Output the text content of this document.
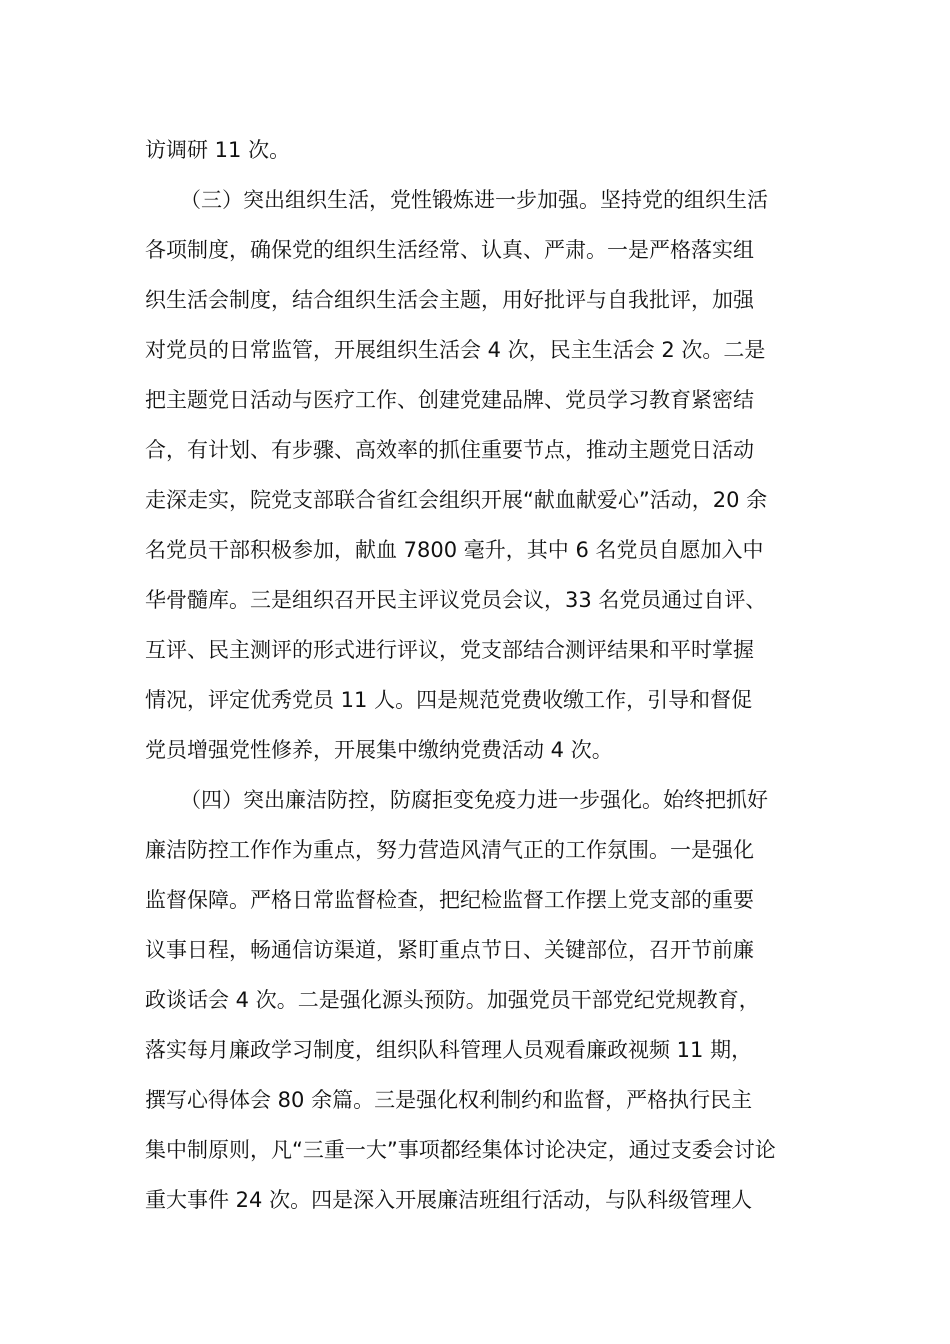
访调研 11 次。
（三）突出组织生活，党性锻炼进一步加强。坚持党的组织生活
各项制度，确保党的组织生活经常、认真、严肃。一是严格落实组
织生活会制度，结合组织生活会主题，用好批评与自我批评，加强
对党员的日常监管，开展组织生活会 4 次，民主生活会 2 次。二是
把主题党日活动与医疗工作、创建党建品牌、党员学习教育紧密结
合，有计划、有步骤、高效率的抓住重要节点，推动主题党日活动
走深走实，院党支部联合省红会组织开展“献血献爱心”活动，20 余
名党员干部积极参加，献血 7800 毫升，其中 6 名党员自愿加入中
华骨髓库。三是组织召开民主评议党员会议，33 名党员通过自评、
互评、民主测评的形式进行评议，党支部结合测评结果和平时掌握
情况，评定优秀党员 11 人。四是规范党费收缴工作，引导和督促
党员增强党性修养，开展集中缴纳党费活动 4 次。
（四）突出廉洁防控，防腐拒变免疫力进一步强化。始终把抓好
廉洁防控工作作为重点，努力营造风清气正的工作氛围。一是强化
监督保障。严格日常监督检查，把纪检监督工作摆上党支部的重要
议事日程，畅通信访渠道，紧盯重点节日、关键部位，召开节前廉
政谈话会 4 次。二是强化源头预防。加强党员干部党纪党规教育，
落实每月廉政学习制度，组织队科管理人员观看廉政视频 11 期，
撰写心得体会 80 余篇。三是强化权利制约和监督，严格执行民主
集中制原则，凡“三重一大”事项都经集体讨论决定，通过支委会讨论
重大事件 24 次。四是深入开展廉洁班组行活动，与队科级管理人
